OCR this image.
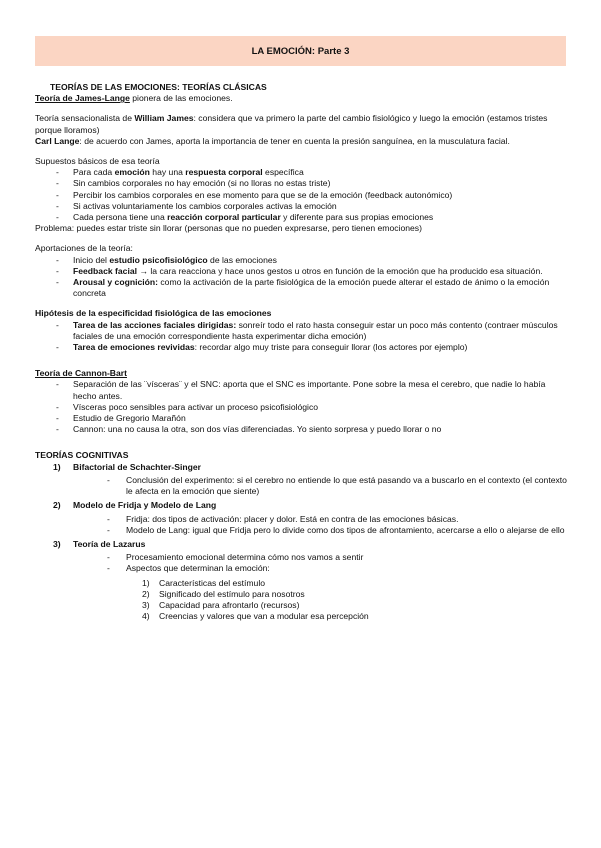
LA EMOCIÓN: Parte 3

TEORÍAS DE LAS EMOCIONES: TEORÍAS CLÁSICAS

Teoría de James-Lange pionera de las emociones.

Teoría sensacionalista de William James: considera que va primero la parte del cambio fisiológico y luego la emoción (estamos tristes porque lloramos)

Carl Lange: de acuerdo con James, aporta la importancia de tener en cuenta la presión sanguínea, en la musculatura facial.

Supuestos básicos de esa teoría

- Para cada emoción hay una respuesta corporal específica
- Sin cambios corporales no hay emoción (si no lloras no estas triste)
- Percibir los cambios corporales en ese momento para que se de la emoción (feedback autonómico)
- Si activas voluntariamente los cambios corporales activas la emoción
- Cada persona tiene una reacción corporal particular y diferente para sus propias emociones

Problema: puedes estar triste sin llorar (personas que no pueden expresarse, pero tienen emociones)

Aportaciones de la teoría:

- Inicio del estudio psicofisiológico de las emociones
- Feedback facial → la cara reacciona y hace unos gestos u otros en función de la emoción que ha producido esa situación.
- Arousal y cognición: como la activación de la parte fisiológica de la emoción puede alterar el estado de ánimo o la emoción concreta

Hipótesis de la especificidad fisiológica de las emociones

- Tarea de las acciones faciales dirigidas: sonreír todo el rato hasta conseguir estar un poco más contento (contraer músculos faciales de una emoción correspondiente hasta experimentar dicha emoción)
- Tarea de emociones revividas: recordar algo muy triste para conseguir llorar (los actores por ejemplo)

Teoría de Cannon-Bart

- Separación de las ¨vísceras¨ y el SNC: aporta que el SNC es importante. Pone sobre la mesa el cerebro, que nadie lo había hecho antes.
- Vísceras poco sensibles para activar un proceso psicofisiológico
- Estudio de Gregorio Marañón
- Cannon: una no causa la otra, son dos vías diferenciadas. Yo siento sorpresa y puedo llorar o no

TEORÍAS COGNITIVAS

1) Bifactorial de Schachter-Singer

- Conclusión del experimento: si el cerebro no entiende lo que está pasando va a buscarlo en el contexto (el contexto le afecta en la emoción que siente)

2) Modelo de Fridja y Modelo de Lang

- Fridja: dos tipos de activación: placer y dolor. Está en contra de las emociones básicas.
- Modelo de Lang: igual que Fridja pero lo divide como dos tipos de afrontamiento, acercarse a ello o alejarse de ello

3) Teoría de Lazarus

- Procesamiento emocional determina cómo nos vamos a sentir
- Aspectos que determinan la emoción:
1) Características del estímulo
2) Significado del estímulo para nosotros
3) Capacidad para afrontarlo (recursos)
4) Creencias y valores que van a modular esa percepción
